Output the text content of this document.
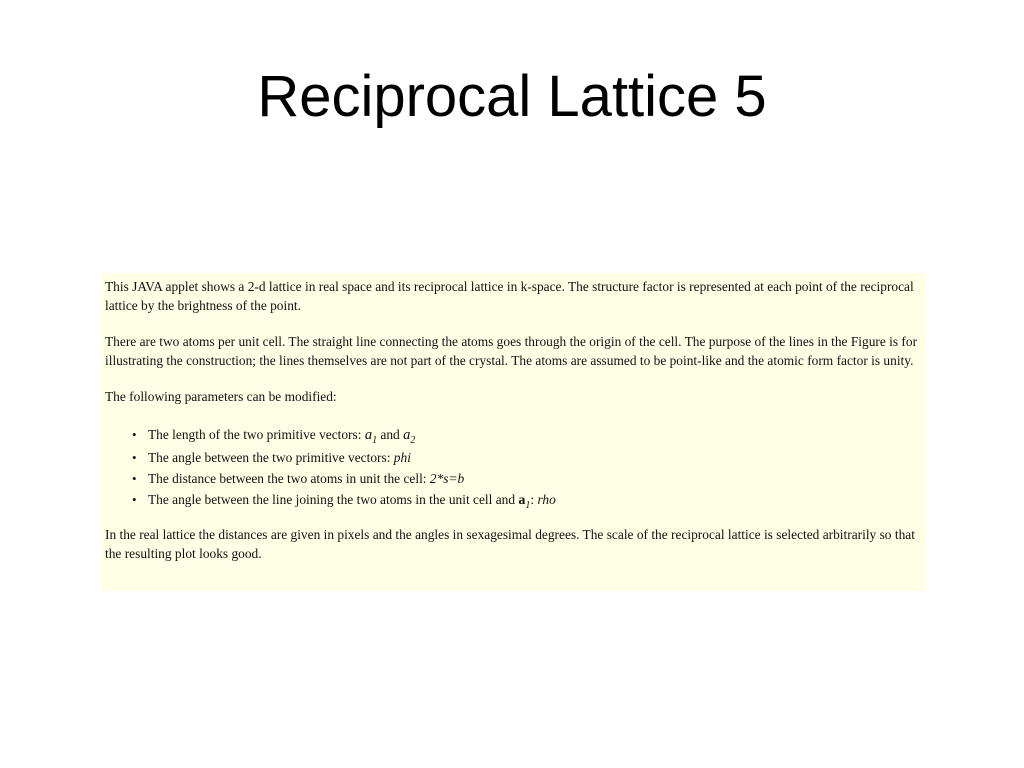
Reciprocal Lattice 5

This JAVA applet shows a 2-d lattice in real space and its reciprocal lattice in k-space. The structure factor is represented at each point of the reciprocal lattice by the brightness of the point.

There are two atoms per unit cell. The straight line connecting the atoms goes through the origin of the cell. The purpose of the lines in the Figure is for illustrating the construction; the lines themselves are not part of the crystal. The atoms are assumed to be point-like and the atomic form factor is unity.

The following parameters can be modified:

• The length of the two primitive vectors: $a_1$ and $a_2$
• The angle between the two primitive vectors: phi
• The distance between the two atoms in unit the cell: 2*s=b
• The angle between the line joining the two atoms in the unit cell and $a_1$: rho

In the real lattice the distances are given in pixels and the angles in sexagesimal degrees. The scale of the reciprocal lattice is selected arbitrarily so that the resulting plot looks good.
